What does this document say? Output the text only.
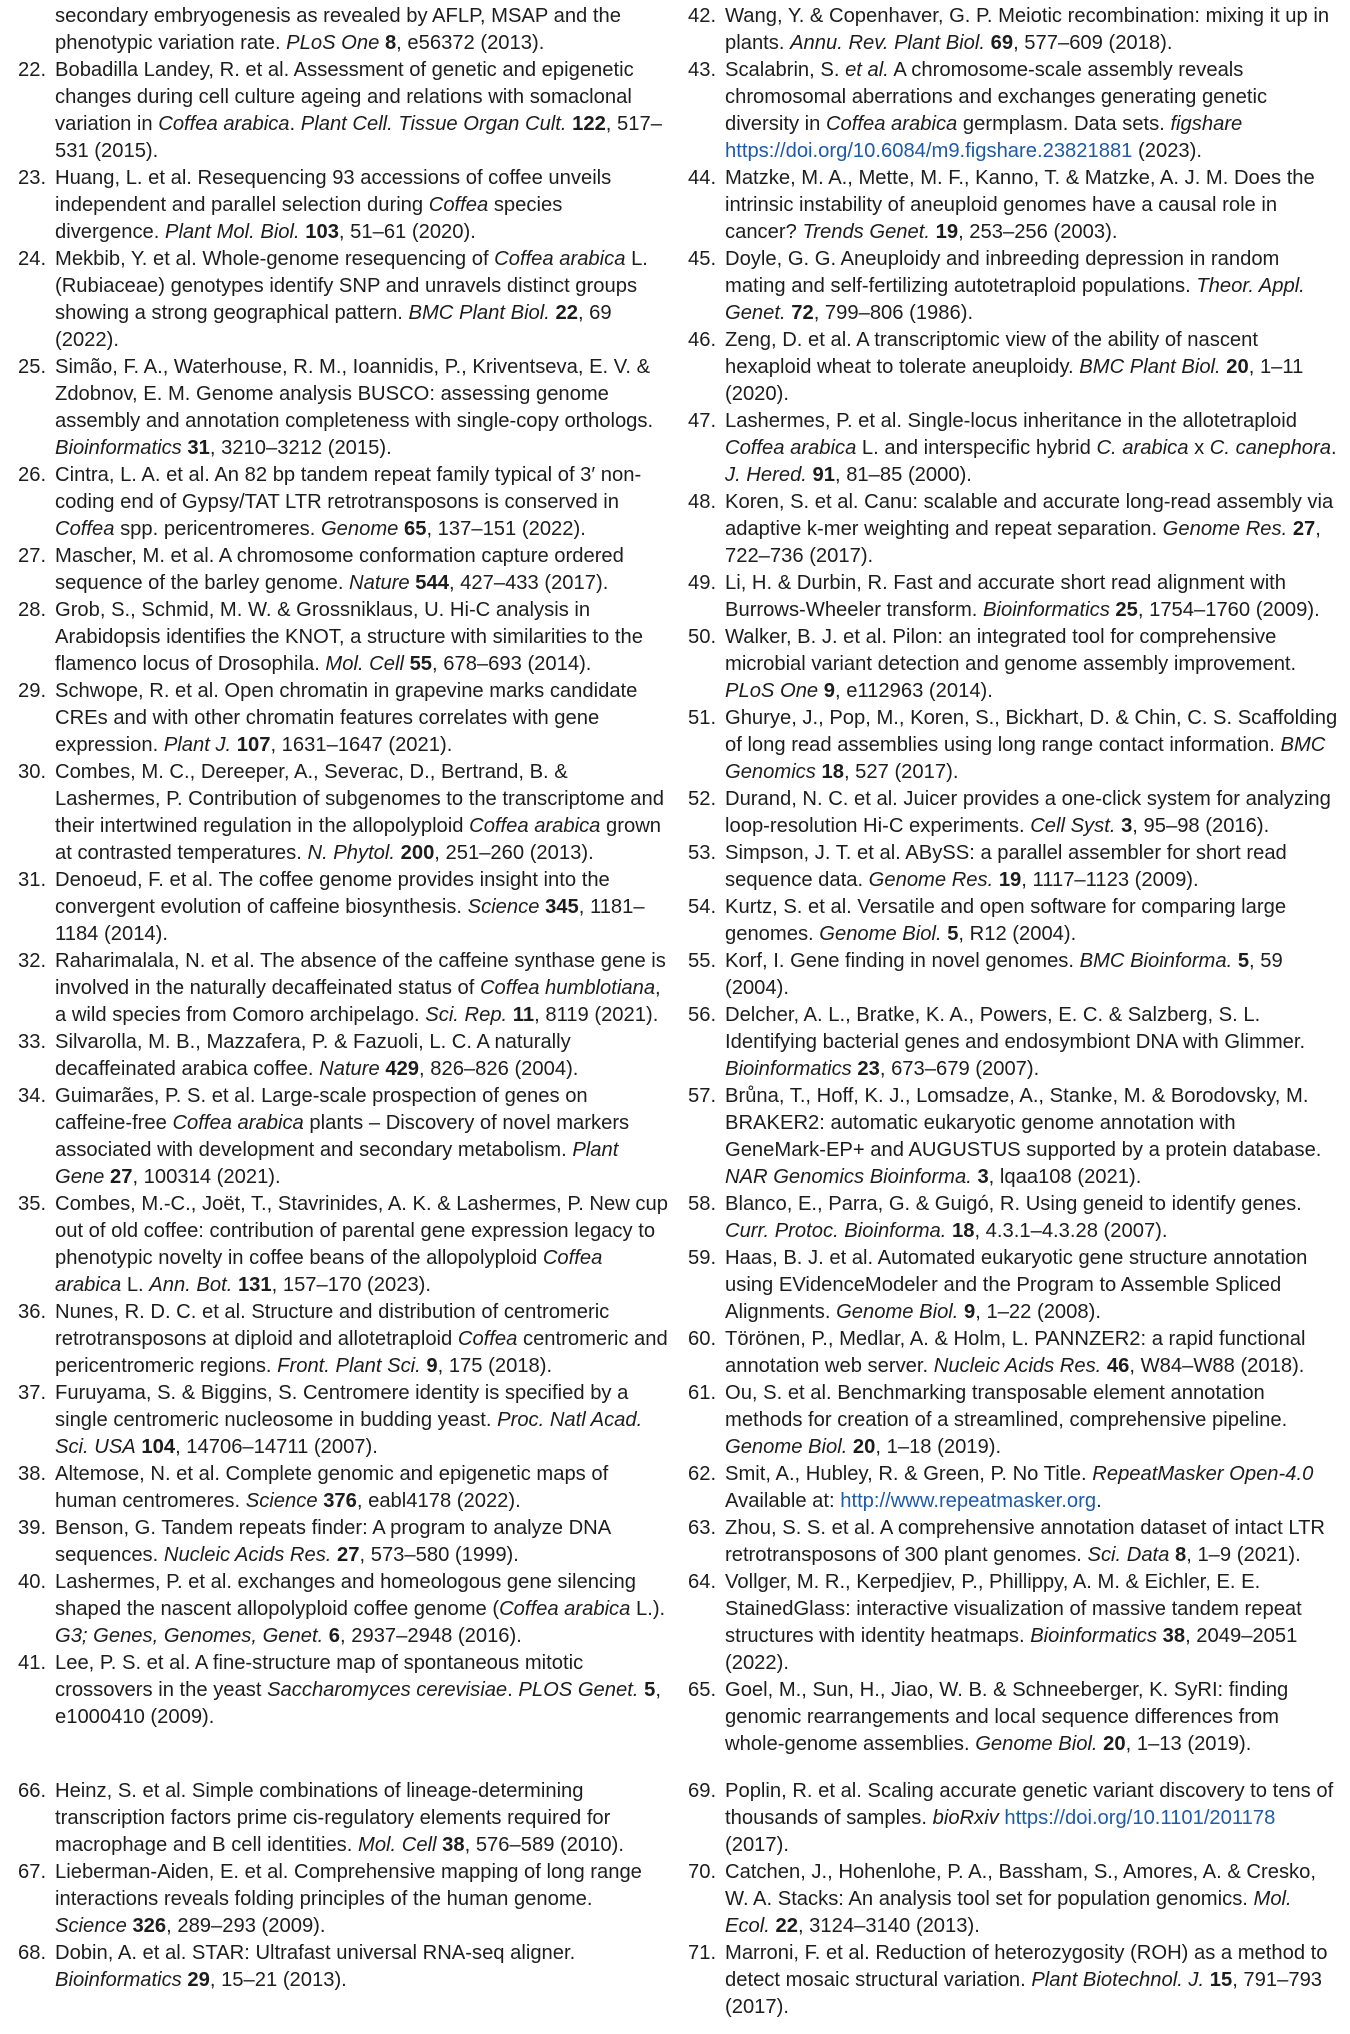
secondary embryogenesis as revealed by AFLP, MSAP and the phenotypic variation rate. PLoS One 8, e56372 (2013).
22. Bobadilla Landey, R. et al. Assessment of genetic and epigenetic changes during cell culture ageing and relations with somaclonal variation in Coffea arabica. Plant Cell. Tissue Organ Cult. 122, 517–531 (2015).
23. Huang, L. et al. Resequencing 93 accessions of coffee unveils independent and parallel selection during Coffea species divergence. Plant Mol. Biol. 103, 51–61 (2020).
24. Mekbib, Y. et al. Whole-genome resequencing of Coffea arabica L. (Rubiaceae) genotypes identify SNP and unravels distinct groups showing a strong geographical pattern. BMC Plant Biol. 22, 69 (2022).
25. Simão, F. A., Waterhouse, R. M., Ioannidis, P., Kriventseva, E. V. & Zdobnov, E. M. Genome analysis BUSCO: assessing genome assembly and annotation completeness with single-copy orthologs. Bioinformatics 31, 3210–3212 (2015).
26. Cintra, L. A. et al. An 82 bp tandem repeat family typical of 3′ non-coding end of Gypsy/TAT LTR retrotransposons is conserved in Coffea spp. pericentromeres. Genome 65, 137–151 (2022).
27. Mascher, M. et al. A chromosome conformation capture ordered sequence of the barley genome. Nature 544, 427–433 (2017).
28. Grob, S., Schmid, M. W. & Grossniklaus, U. Hi-C analysis in Arabidopsis identifies the KNOT, a structure with similarities to the flamenco locus of Drosophila. Mol. Cell 55, 678–693 (2014).
29. Schwope, R. et al. Open chromatin in grapevine marks candidate CREs and with other chromatin features correlates with gene expression. Plant J. 107, 1631–1647 (2021).
30. Combes, M. C., Dereeper, A., Severac, D., Bertrand, B. & Lashermes, P. Contribution of subgenomes to the transcriptome and their intertwined regulation in the allopolyploid Coffea arabica grown at contrasted temperatures. N. Phytol. 200, 251–260 (2013).
31. Denoeud, F. et al. The coffee genome provides insight into the convergent evolution of caffeine biosynthesis. Science 345, 1181–1184 (2014).
32. Raharimalala, N. et al. The absence of the caffeine synthase gene is involved in the naturally decaffeinated status of Coffea humblotiana, a wild species from Comoro archipelago. Sci. Rep. 11, 8119 (2021).
33. Silvarolla, M. B., Mazzafera, P. & Fazuoli, L. C. A naturally decaffeinated arabica coffee. Nature 429, 826–826 (2004).
34. Guimarães, P. S. et al. Large-scale prospection of genes on caffeine-free Coffea arabica plants – Discovery of novel markers associated with development and secondary metabolism. Plant Gene 27, 100314 (2021).
35. Combes, M.-C., Joët, T., Stavrinides, A. K. & Lashermes, P. New cup out of old coffee: contribution of parental gene expression legacy to phenotypic novelty in coffee beans of the allopolyploid Coffea arabica L. Ann. Bot. 131, 157–170 (2023).
36. Nunes, R. D. C. et al. Structure and distribution of centromeric retrotransposons at diploid and allotetraploid Coffea centromeric and pericentromeric regions. Front. Plant Sci. 9, 175 (2018).
37. Furuyama, S. & Biggins, S. Centromere identity is specified by a single centromeric nucleosome in budding yeast. Proc. Natl Acad. Sci. USA 104, 14706–14711 (2007).
38. Altemose, N. et al. Complete genomic and epigenetic maps of human centromeres. Science 376, eabl4178 (2022).
39. Benson, G. Tandem repeats finder: A program to analyze DNA sequences. Nucleic Acids Res. 27, 573–580 (1999).
40. Lashermes, P. et al. exchanges and homeologous gene silencing shaped the nascent allopolyploid coffee genome (Coffea arabica L.). G3; Genes, Genomes, Genet. 6, 2937–2948 (2016).
41. Lee, P. S. et al. A fine-structure map of spontaneous mitotic crossovers in the yeast Saccharomyces cerevisiae. PLOS Genet. 5, e1000410 (2009).
42. Wang, Y. & Copenhaver, G. P. Meiotic recombination: mixing it up in plants. Annu. Rev. Plant Biol. 69, 577–609 (2018).
43. Scalabrin, S. et al. A chromosome-scale assembly reveals chromosomal aberrations and exchanges generating genetic diversity in Coffea arabica germplasm. Data sets. figshare https://doi.org/10.6084/m9.figshare.23821881 (2023).
44. Matzke, M. A., Mette, M. F., Kanno, T. & Matzke, A. J. M. Does the intrinsic instability of aneuploid genomes have a causal role in cancer? Trends Genet. 19, 253–256 (2003).
45. Doyle, G. G. Aneuploidy and inbreeding depression in random mating and self-fertilizing autotetraploid populations. Theor. Appl. Genet. 72, 799–806 (1986).
46. Zeng, D. et al. A transcriptomic view of the ability of nascent hexaploid wheat to tolerate aneuploidy. BMC Plant Biol. 20, 1–11 (2020).
47. Lashermes, P. et al. Single-locus inheritance in the allotetraploid Coffea arabica L. and interspecific hybrid C. arabica x C. canephora. J. Hered. 91, 81–85 (2000).
48. Koren, S. et al. Canu: scalable and accurate long-read assembly via adaptive k-mer weighting and repeat separation. Genome Res. 27, 722–736 (2017).
49. Li, H. & Durbin, R. Fast and accurate short read alignment with Burrows-Wheeler transform. Bioinformatics 25, 1754–1760 (2009).
50. Walker, B. J. et al. Pilon: an integrated tool for comprehensive microbial variant detection and genome assembly improvement. PLoS One 9, e112963 (2014).
51. Ghurye, J., Pop, M., Koren, S., Bickhart, D. & Chin, C. S. Scaffolding of long read assemblies using long range contact information. BMC Genomics 18, 527 (2017).
52. Durand, N. C. et al. Juicer provides a one-click system for analyzing loop-resolution Hi-C experiments. Cell Syst. 3, 95–98 (2016).
53. Simpson, J. T. et al. ABySS: a parallel assembler for short read sequence data. Genome Res. 19, 1117–1123 (2009).
54. Kurtz, S. et al. Versatile and open software for comparing large genomes. Genome Biol. 5, R12 (2004).
55. Korf, I. Gene finding in novel genomes. BMC Bioinforma. 5, 59 (2004).
56. Delcher, A. L., Bratke, K. A., Powers, E. C. & Salzberg, S. L. Identifying bacterial genes and endosymbiont DNA with Glimmer. Bioinformatics 23, 673–679 (2007).
57. Brůna, T., Hoff, K. J., Lomsadze, A., Stanke, M. & Borodovsky, M. BRAKER2: automatic eukaryotic genome annotation with GeneMark-EP+ and AUGUSTUS supported by a protein database. NAR Genomics Bioinforma. 3, lqaa108 (2021).
58. Blanco, E., Parra, G. & Guigó, R. Using geneid to identify genes. Curr. Protoc. Bioinforma. 18, 4.3.1–4.3.28 (2007).
59. Haas, B. J. et al. Automated eukaryotic gene structure annotation using EVidenceModeler and the Program to Assemble Spliced Alignments. Genome Biol. 9, 1–22 (2008).
60. Törönen, P., Medlar, A. & Holm, L. PANNZER2: a rapid functional annotation web server. Nucleic Acids Res. 46, W84–W88 (2018).
61. Ou, S. et al. Benchmarking transposable element annotation methods for creation of a streamlined, comprehensive pipeline. Genome Biol. 20, 1–18 (2019).
62. Smit, A., Hubley, R. & Green, P. No Title. RepeatMasker Open-4.0 Available at: http://www.repeatmasker.org.
63. Zhou, S. S. et al. A comprehensive annotation dataset of intact LTR retrotransposons of 300 plant genomes. Sci. Data 8, 1–9 (2021).
64. Vollger, M. R., Kerpedjiev, P., Phillippy, A. M. & Eichler, E. E. StainedGlass: interactive visualization of massive tandem repeat structures with identity heatmaps. Bioinformatics 38, 2049–2051 (2022).
65. Goel, M., Sun, H., Jiao, W. B. & Schneeberger, K. SyRI: finding genomic rearrangements and local sequence differences from whole-genome assemblies. Genome Biol. 20, 1–13 (2019).
66. Heinz, S. et al. Simple combinations of lineage-determining transcription factors prime cis-regulatory elements required for macrophage and B cell identities. Mol. Cell 38, 576–589 (2010).
67. Lieberman-Aiden, E. et al. Comprehensive mapping of long range interactions reveals folding principles of the human genome. Science 326, 289–293 (2009).
68. Dobin, A. et al. STAR: Ultrafast universal RNA-seq aligner. Bioinformatics 29, 15–21 (2013).
69. Poplin, R. et al. Scaling accurate genetic variant discovery to tens of thousands of samples. bioRxiv https://doi.org/10.1101/201178 (2017).
70. Catchen, J., Hohenlohe, P. A., Bassham, S., Amores, A. & Cresko, W. A. Stacks: An analysis tool set for population genomics. Mol. Ecol. 22, 3124–3140 (2013).
71. Marroni, F. et al. Reduction of heterozygosity (ROH) as a method to detect mosaic structural variation. Plant Biotechnol. J. 15, 791–793 (2017).
